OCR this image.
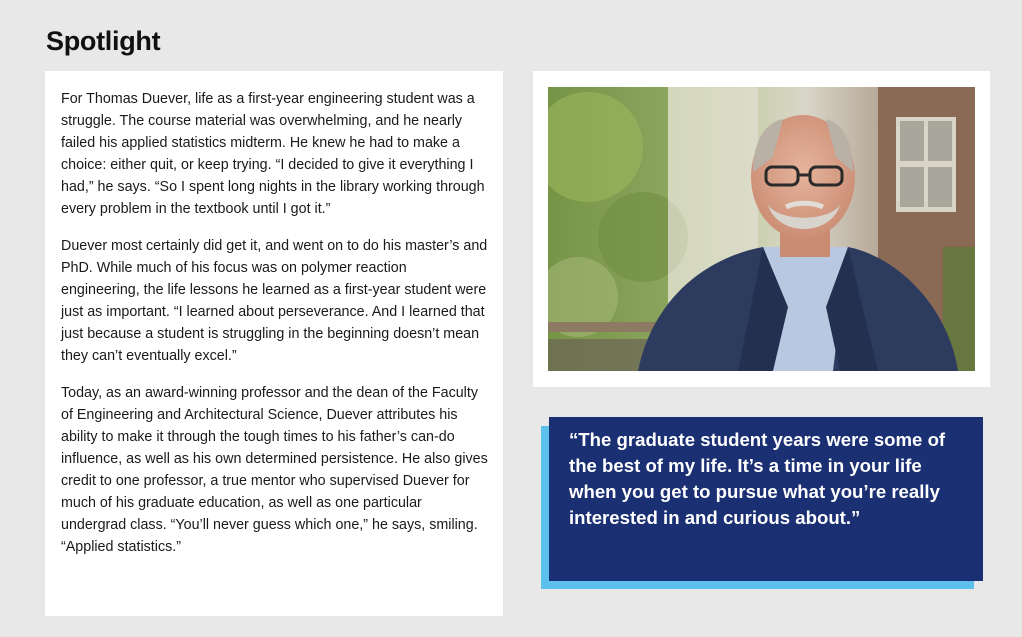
Spotlight

For Thomas Duever, life as a first-year engineering student was a struggle. The course material was overwhelming, and he nearly failed his applied statistics midterm. He knew he had to make a choice: either quit, or keep trying. “I decided to give it everything I had,” he says. “So I spent long nights in the library working through every problem in the textbook until I got it.”

Duever most certainly did get it, and went on to do his master’s and PhD. While much of his focus was on polymer reaction engineering, the life lessons he learned as a first-year student were just as important. “I learned about perseverance. And I learned that just because a student is struggling in the beginning doesn’t mean they can’t eventually excel.”

Today, as an award-winning professor and the dean of the Faculty of Engineering and Architectural Science, Duever attributes his ability to make it through the tough times to his father’s can-do influence, as well as his own determined persistence. He also gives credit to one professor, a true mentor who supervised Duever for much of his graduate education, as well as one particular undergrad class. “You’ll never guess which one,” he says, smiling. “Applied statistics.”

“The graduate student years were some of the best of my life. It’s a time in your life when you get to pursue what you’re really interested in and curious about.”
